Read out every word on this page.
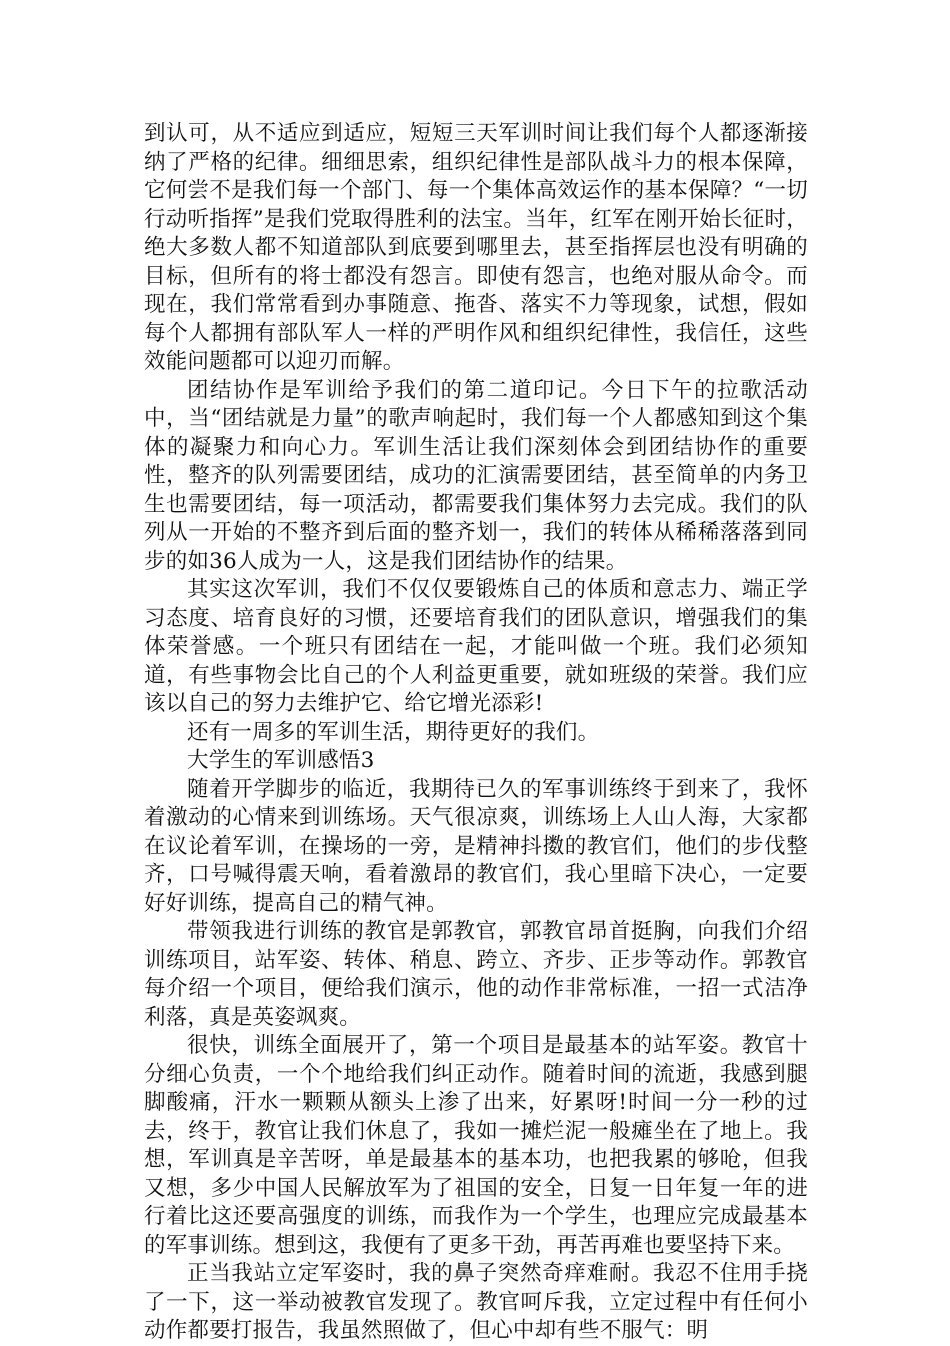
到认可，从不适应到适应，短短三天军训时间让我们每个人都逐渐接纳了严格的纪律。细细思索，组织纪律性是部队战斗力的根本保障，它何尝不是我们每一个部门、每一个集体高效运作的基本保障？“一切行动听指挥”是我们党取得胜利的法宝。当年，红军在刚开始长征时，绝大多数人都不知道部队到底要到哪里去，甚至指挥层也没有明确的目标，但所有的将士都没有怨言。即使有怨言，也绝对服从命令。而现在，我们常常看到办事随意、拖沓、落实不力等现象，试想，假如每个人都拥有部队军人一样的严明作风和组织纪律性，我信任，这些效能问题都可以迎刃而解。

团结协作是军训给予我们的第二道印记。今日下午的拉歌活动中，当“团结就是力量”的歌声响起时，我们每一个人都感知到这个集体的凝聚力和向心力。军训生活让我们深刻体会到团结协作的重要性，整齐的队列需要团结，成功的汇演需要团结，甚至简单的内务卫生也需要团结，每一项活动，都需要我们集体努力去完成。我们的队列从一开始的不整齐到后面的整齐划一，我们的转体从稀稀落落到同步的如36人成为一人，这是我们团结协作的结果。

其实这次军训，我们不仅仅要锻炼自己的体质和意志力、端正学习态度、培育良好的习惯，还要培育我们的团队意识，增强我们的集体荣誉感。一个班只有团结在一起，才能叫做一个班。我们必须知道，有些事物会比自己的个人利益更重要，就如班级的荣誉。我们应该以自己的努力去维护它、给它增光添彩!

还有一周多的军训生活，期待更好的我们。

大学生的军训感悟3

随着开学脚步的临近，我期待已久的军事训练终于到来了，我怀着激动的心情来到训练场。天气很凉爽，训练场上人山人海，大家都在议论着军训，在操场的一旁，是精神抖擞的教官们，他们的步伐整齐，口号喊得震天响，看着激昂的教官们，我心里暗下决心，一定要好好训练，提高自己的精气神。

带领我进行训练的教官是郭教官，郭教官昂首挺胸，向我们介绍训练项目，站军姿、转体、稍息、跨立、齐步、正步等动作。郭教官每介绍一个项目，便给我们演示，他的动作非常标准，一招一式洁净利落，真是英姿飒爽。

很快，训练全面展开了，第一个项目是最基本的站军姿。教官十分细心负责，一个个地给我们纠正动作。随着时间的流逝，我感到腿脚酸痛，汗水一颗颗从额头上渗了出来，好累呀!时间一分一秒的过去，终于，教官让我们休息了，我如一摊烂泥一般瘫坐在了地上。我想，军训真是辛苦呀，单是最基本的基本功，也把我累的够呛，但我又想，多少中国人民解放军为了祖国的安全，日复一日年复一年的进行着比这还要高强度的训练，而我作为一个学生，也理应完成最基本的军事训练。想到这，我便有了更多干劲，再苦再难也要坚持下来。

正当我站立定军姿时，我的鼻子突然奇痒难耐。我忍不住用手挠了一下，这一举动被教官发现了。教官呵斥我，立定过程中有任何小动作都要打报告，我虽然照做了，但心中却有些不服气：明
